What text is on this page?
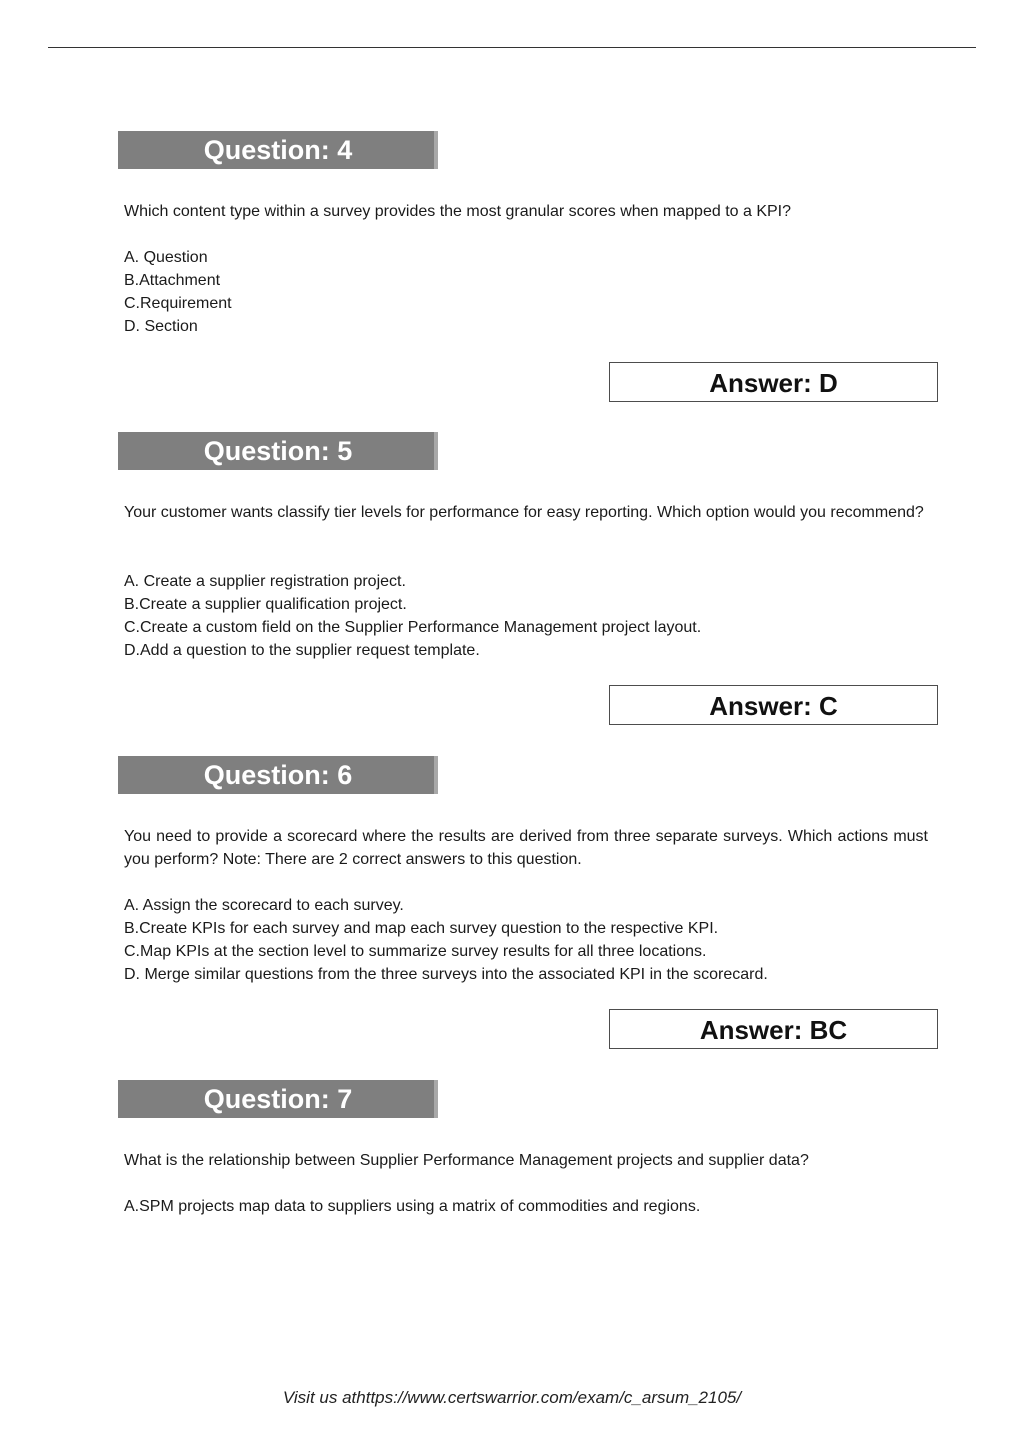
Question: 4
Which content type within a survey provides the most granular scores when mapped to a KPI?
A. Question
B.Attachment
C.Requirement
D. Section
Answer: D
Question: 5
Your customer wants classify tier levels for performance for easy reporting. Which option would you recommend?
A. Create a supplier registration project.
B.Create a supplier qualification project.
C.Create a custom field on the Supplier Performance Management project layout.
D.Add a question to the supplier request template.
Answer: C
Question: 6
You need to provide a scorecard where the results are derived from three separate surveys. Which actions must you perform? Note: There are 2 correct answers to this question.
A. Assign the scorecard to each survey.
B.Create KPIs for each survey and map each survey question to the respective KPI.
C.Map KPIs at the section level to summarize survey results for all three locations.
D. Merge similar questions from the three surveys into the associated KPI in the scorecard.
Answer: BC
Question: 7
What is the relationship between Supplier Performance Management projects and supplier data?
A.SPM projects map data to suppliers using a matrix of commodities and regions.
Visit us athttps://www.certswarrior.com/exam/c_arsum_2105/
